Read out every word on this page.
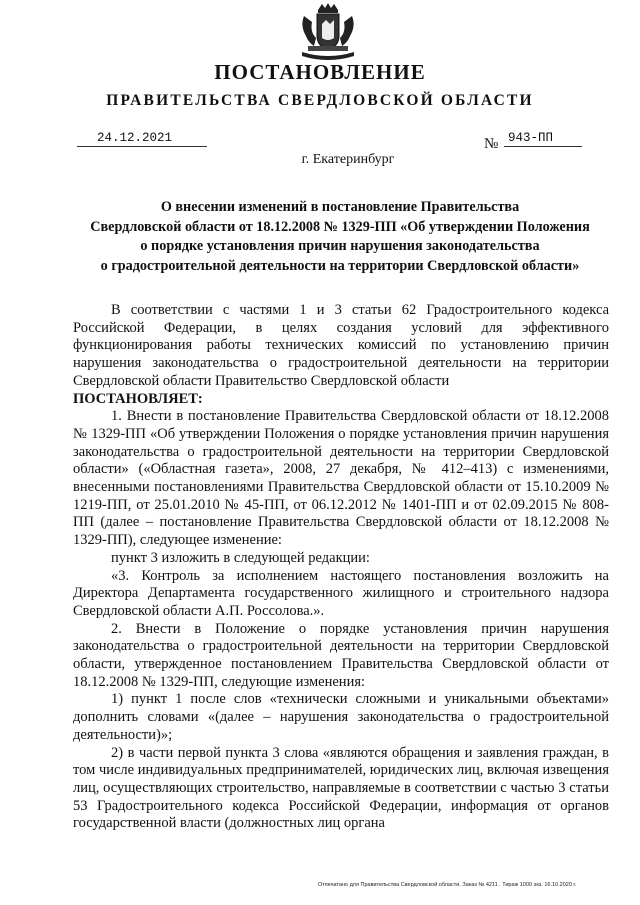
ПОСТАНОВЛЕНИЕ
ПРАВИТЕЛЬСТВА СВЕРДЛОВСКОЙ ОБЛАСТИ
24.12.2021	№ 943-ПП
г. Екатеринбург
О внесении изменений в постановление Правительства
Свердловской области от 18.12.2008 № 1329-ПП «Об утверждении Положения
о порядке установления причин нарушения законодательства
о градостроительной деятельности на территории Свердловской области»

В соответствии с частями 1 и 3 статьи 62 Градостроительного кодекса Российской Федерации, в целях создания условий для эффективного функционирования работы технических комиссий по установлению причин нарушения законодательства о градостроительной деятельности на территории Свердловской области Правительство Свердловской области

ПОСТАНОВЛЯЕТ:

1. Внести в постановление Правительства Свердловской области от 18.12.2008 № 1329-ПП «Об утверждении Положения о порядке установления причин нарушения законодательства о градостроительной деятельности на территории Свердловской области» («Областная газета», 2008, 27 декабря, № 412–413) с изменениями, внесенными постановлениями Правительства Свердловской области от 15.10.2009 № 1219-ПП, от 25.01.2010 № 45-ПП, от 06.12.2012 № 1401-ПП и от 02.09.2015 № 808-ПП (далее – постановление Правительства Свердловской области от 18.12.2008 № 1329-ПП), следующее изменение:

пункт 3 изложить в следующей редакции:

«3. Контроль за исполнением настоящего постановления возложить на Директора Департамента государственного жилищного и строительного надзора Свердловской области А.П. Россолова.».

2. Внести в Положение о порядке установления причин нарушения законодательства о градостроительной деятельности на территории Свердловской области, утвержденное постановлением Правительства Свердловской области от 18.12.2008 № 1329-ПП, следующие изменения:

1) пункт 1 после слов «технически сложными и уникальными объектами» дополнить словами «(далее – нарушения законодательства о градостроительной деятельности)»;

2) в части первой пункта 3 слова «являются обращения и заявления граждан, в том числе индивидуальных предпринимателей, юридических лиц, включая извещения лиц, осуществляющих строительство, направляемые в соответствии с частью 3 статьи 53 Градостроительного кодекса Российской Федерации, информация от органов государственной власти (должностных лиц органа

Отпечатано для Правительства Свердловской области. Заказ № 4211 . Тираж 1000 экз. 16.10.2020 г.
